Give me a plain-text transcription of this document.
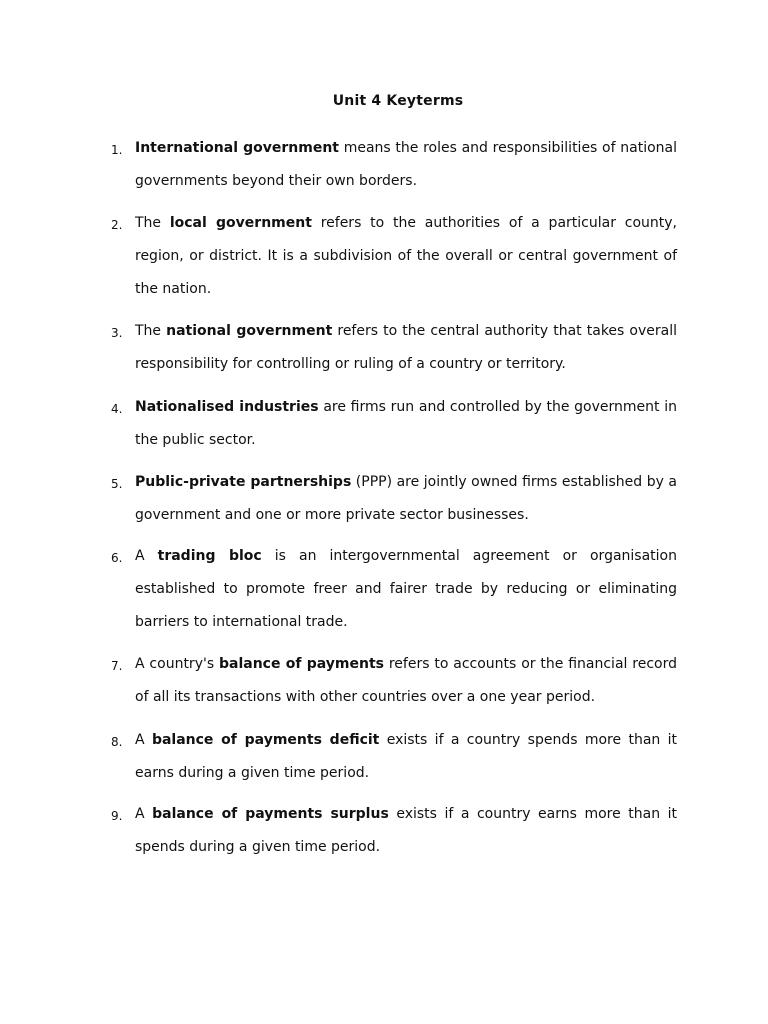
Unit 4 Keyterms
1. International government means the roles and responsibilities of national governments beyond their own borders.
2. The local government refers to the authorities of a particular county, region, or district. It is a subdivision of the overall or central government of the nation.
3. The national government refers to the central authority that takes overall responsibility for controlling or ruling of a country or territory.
4. Nationalised industries are firms run and controlled by the government in the public sector.
5. Public-private partnerships (PPP) are jointly owned firms established by a government and one or more private sector businesses.
6. A trading bloc is an intergovernmental agreement or organisation established to promote freer and fairer trade by reducing or eliminating barriers to international trade.
7. A country's balance of payments refers to accounts or the financial record of all its transactions with other countries over a one year period.
8. A balance of payments deficit exists if a country spends more than it earns during a given time period.
9. A balance of payments surplus exists if a country earns more than it spends during a given time period.
